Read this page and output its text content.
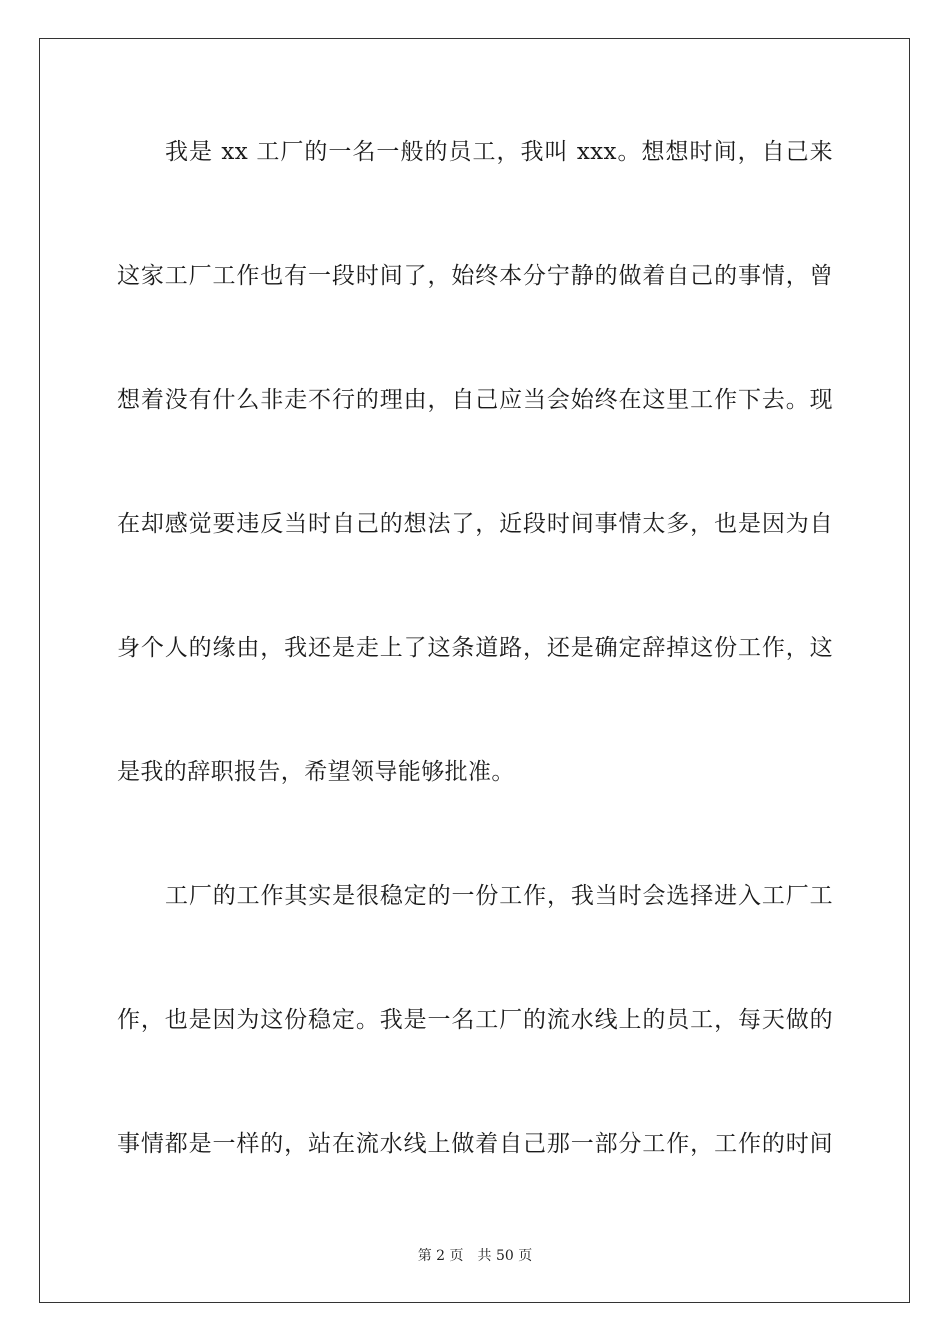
我是 xx 工厂的一名一般的员工，我叫 xxx。想想时间，自己来
这家工厂工作也有一段时间了，始终本分宁静的做着自己的事情，曾
想着没有什么非走不行的理由，自己应当会始终在这里工作下去。现
在却感觉要违反当时自己的想法了，近段时间事情太多，也是因为自
身个人的缘由，我还是走上了这条道路，还是确定辞掉这份工作，这
是我的辞职报告，希望领导能够批准。
工厂的工作其实是很稳定的一份工作，我当时会选择进入工厂工
作，也是因为这份稳定。我是一名工厂的流水线上的员工，每天做的
事情都是一样的，站在流水线上做着自己那一部分工作，工作的时间
第 2 页 共 50 页
